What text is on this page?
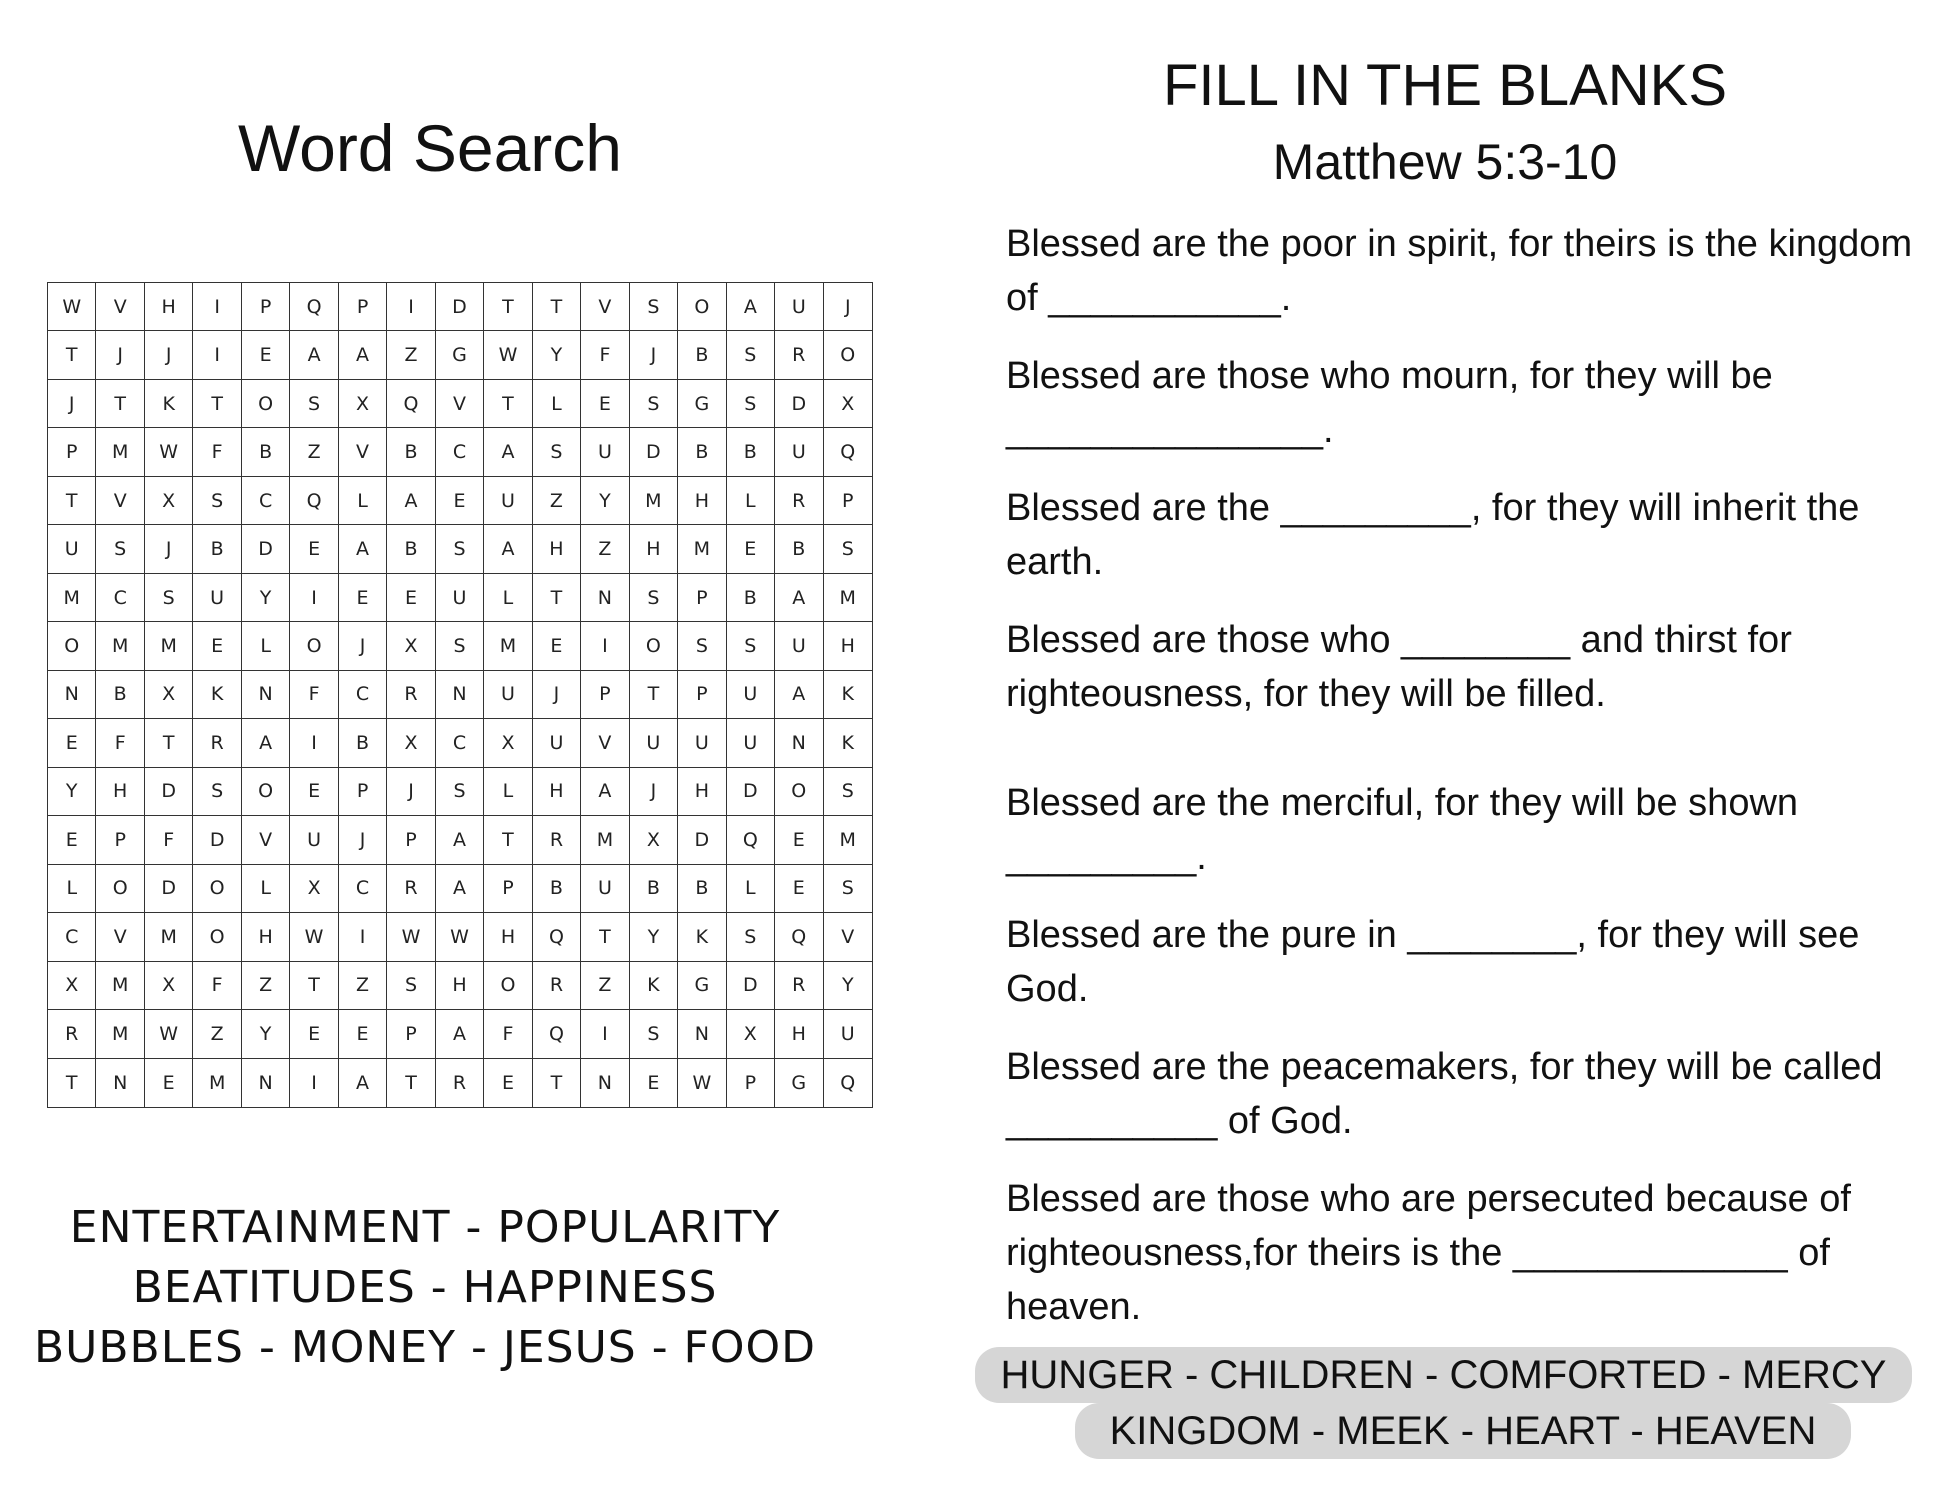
Word Search
W	V	H	I	P	Q	P	I	D	T	T	V	S	O	A	U	J
T	J	J	I	E	A	A	Z	G	W	Y	F	J	B	S	R	O
J	T	K	T	O	S	X	Q	V	T	L	E	S	G	S	D	X
P	M	W	F	B	Z	V	B	C	A	S	U	D	B	B	U	Q
T	V	X	S	C	Q	L	A	E	U	Z	Y	M	H	L	R	P
U	S	J	B	D	E	A	B	S	A	H	Z	H	M	E	B	S
M	C	S	U	Y	I	E	E	U	L	T	N	S	P	B	A	M
O	M	M	E	L	O	J	X	S	M	E	I	O	S	S	U	H
N	B	X	K	N	F	C	R	N	U	J	P	T	P	U	A	K
E	F	T	R	A	I	B	X	C	X	U	V	U	U	U	N	K
Y	H	D	S	O	E	P	J	S	L	H	A	J	H	D	O	S
E	P	F	D	V	U	J	P	A	T	R	M	X	D	Q	E	M
L	O	D	O	L	X	C	R	A	P	B	U	B	B	L	E	S
C	V	M	O	H	W	I	W	W	H	Q	T	Y	K	S	Q	V
X	M	X	F	Z	T	Z	S	H	O	R	Z	K	G	D	R	Y
R	M	W	Z	Y	E	E	P	A	F	Q	I	S	N	X	H	U
T	N	E	M	N	I	A	T	R	E	T	N	E	W	P	G	Q
ENTERTAINMENT - POPULARITY
BEATITUDES - HAPPINESS
BUBBLES - MONEY - JESUS - FOOD
FILL IN THE BLANKS
Matthew 5:3-10
Blessed are the poor in spirit, for theirs is the kingdom of ___________.
Blessed are those who mourn, for they will be _______________.
Blessed are the _________, for they will inherit the earth.
Blessed are those who ________ and thirst for righteousness, for they will be filled.
Blessed are the merciful, for they will be shown _________.
Blessed are the pure in ________, for they will see God.
Blessed are the peacemakers, for they will be called __________ of God.
Blessed are those who are persecuted because of righteousness,for theirs is the _____________ of heaven.
HUNGER - CHILDREN - COMFORTED - MERCY
KINGDOM - MEEK - HEART - HEAVEN
